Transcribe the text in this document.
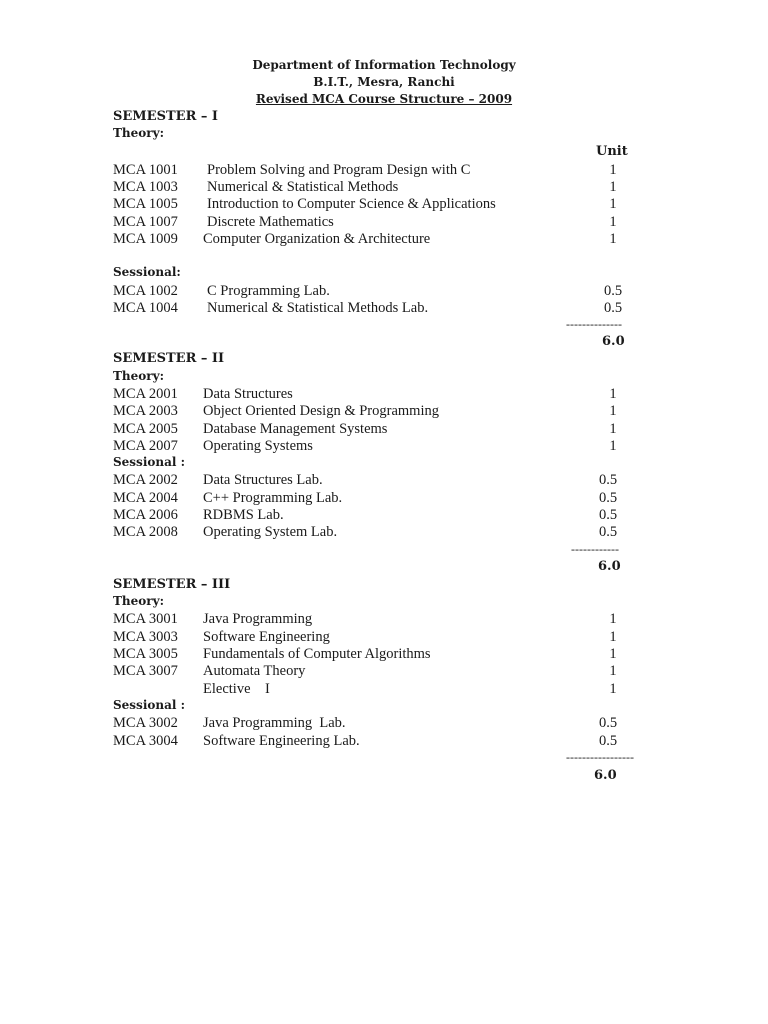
Department of Information Technology
B.I.T., Mesra, Ranchi
Revised MCA Course Structure – 2009
SEMESTER – I
Theory:
Unit
MCA 1001 Problem Solving and Program Design with C	1
MCA 1003 Numerical & Statistical Methods	1
MCA 1005 Introduction to Computer Science & Applications	1
MCA 1007 Discrete Mathematics	1
MCA 1009 Computer Organization & Architecture	1
Sessional:
MCA 1002 C Programming Lab.	0.5
MCA 1004 Numerical & Statistical Methods Lab.	0.5
--------------
6.0
SEMESTER – II
Theory:
MCA 2001 Data Structures	1
MCA 2003 Object Oriented Design & Programming	1
MCA 2005 Database Management Systems	1
MCA 2007 Operating Systems	1
Sessional :
MCA 2002 Data Structures Lab.	0.5
MCA 2004 C++ Programming Lab.	0.5
MCA 2006 RDBMS Lab.	0.5
MCA 2008 Operating System Lab.	0.5
------------
6.0
SEMESTER – III
Theory:
MCA 3001 Java Programming	1
MCA 3003 Software Engineering	1
MCA 3005 Fundamentals of Computer Algorithms	1
MCA 3007 Automata Theory	1
Elective    I	1
Sessional :
MCA 3002 Java Programming  Lab.	0.5
MCA 3004 Software Engineering Lab.	0.5
-----------------
6.0
